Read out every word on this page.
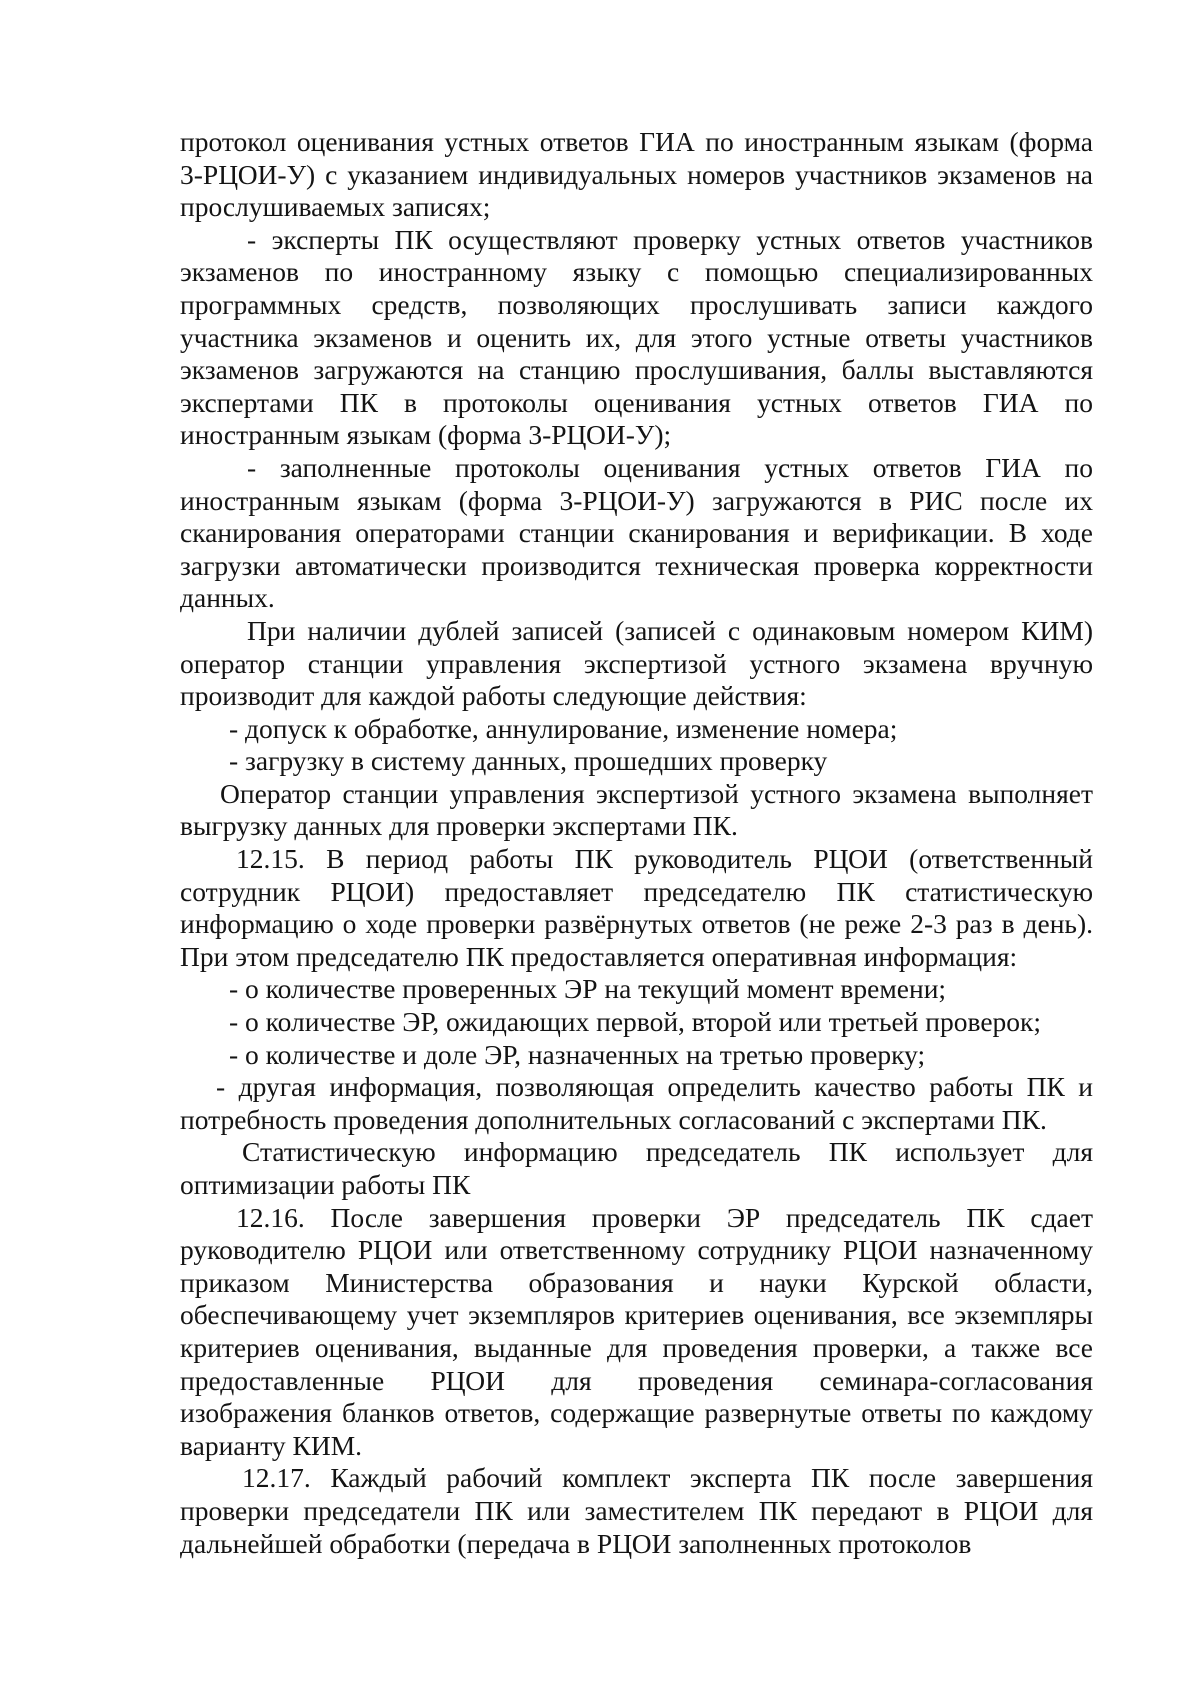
протокол оценивания устных ответов ГИА по иностранным языкам (форма 3-РЦОИ-У) с указанием индивидуальных номеров участников экзаменов на прослушиваемых записях;

- эксперты ПК осуществляют проверку устных ответов участников экзаменов по иностранному языку с помощью специализированных программных средств, позволяющих прослушивать записи каждого участника экзаменов и оценить их, для этого устные ответы участников экзаменов загружаются на станцию прослушивания, баллы выставляются экспертами ПК в протоколы оценивания устных ответов ГИА по иностранным языкам (форма 3-РЦОИ-У);

- заполненные протоколы оценивания устных ответов ГИА по иностранным языкам (форма 3-РЦОИ-У) загружаются в РИС после их сканирования операторами станции сканирования и верификации. В ходе загрузки автоматически производится техническая проверка корректности данных.

При наличии дублей записей (записей с одинаковым номером КИМ) оператор станции управления экспертизой устного экзамена вручную производит для каждой работы следующие действия:

- допуск к обработке, аннулирование, изменение номера;

- загрузку в систему данных, прошедших проверку

Оператор станции управления экспертизой устного экзамена выполняет выгрузку данных для проверки экспертами ПК.

12.15. В период работы ПК руководитель РЦОИ (ответственный сотрудник РЦОИ) предоставляет председателю ПК статистическую информацию о ходе проверки развёрнутых ответов (не реже 2-3 раз в день). При этом председателю ПК предоставляется оперативная информация:

- о количестве проверенных ЭР на текущий момент времени;

- о количестве ЭР, ожидающих первой, второй или третьей проверок;

- о количестве и доле ЭР, назначенных на третью проверку;

- другая информация, позволяющая определить качество работы ПК и потребность проведения дополнительных согласований с экспертами ПК.

Статистическую информацию председатель ПК использует для оптимизации работы ПК

12.16. После завершения проверки ЭР председатель ПК сдает руководителю РЦОИ или ответственному сотруднику РЦОИ назначенному приказом Министерства образования и науки Курской области, обеспечивающему учет экземпляров критериев оценивания, все экземпляры критериев оценивания, выданные для проведения проверки, а также все предоставленные РЦОИ для проведения семинара-согласования изображения бланков ответов, содержащие развернутые ответы по каждому варианту КИМ.

12.17. Каждый рабочий комплект эксперта ПК после завершения проверки председатели ПК или заместителем ПК передают в РЦОИ для дальнейшей обработки (передача в РЦОИ заполненных протоколов
